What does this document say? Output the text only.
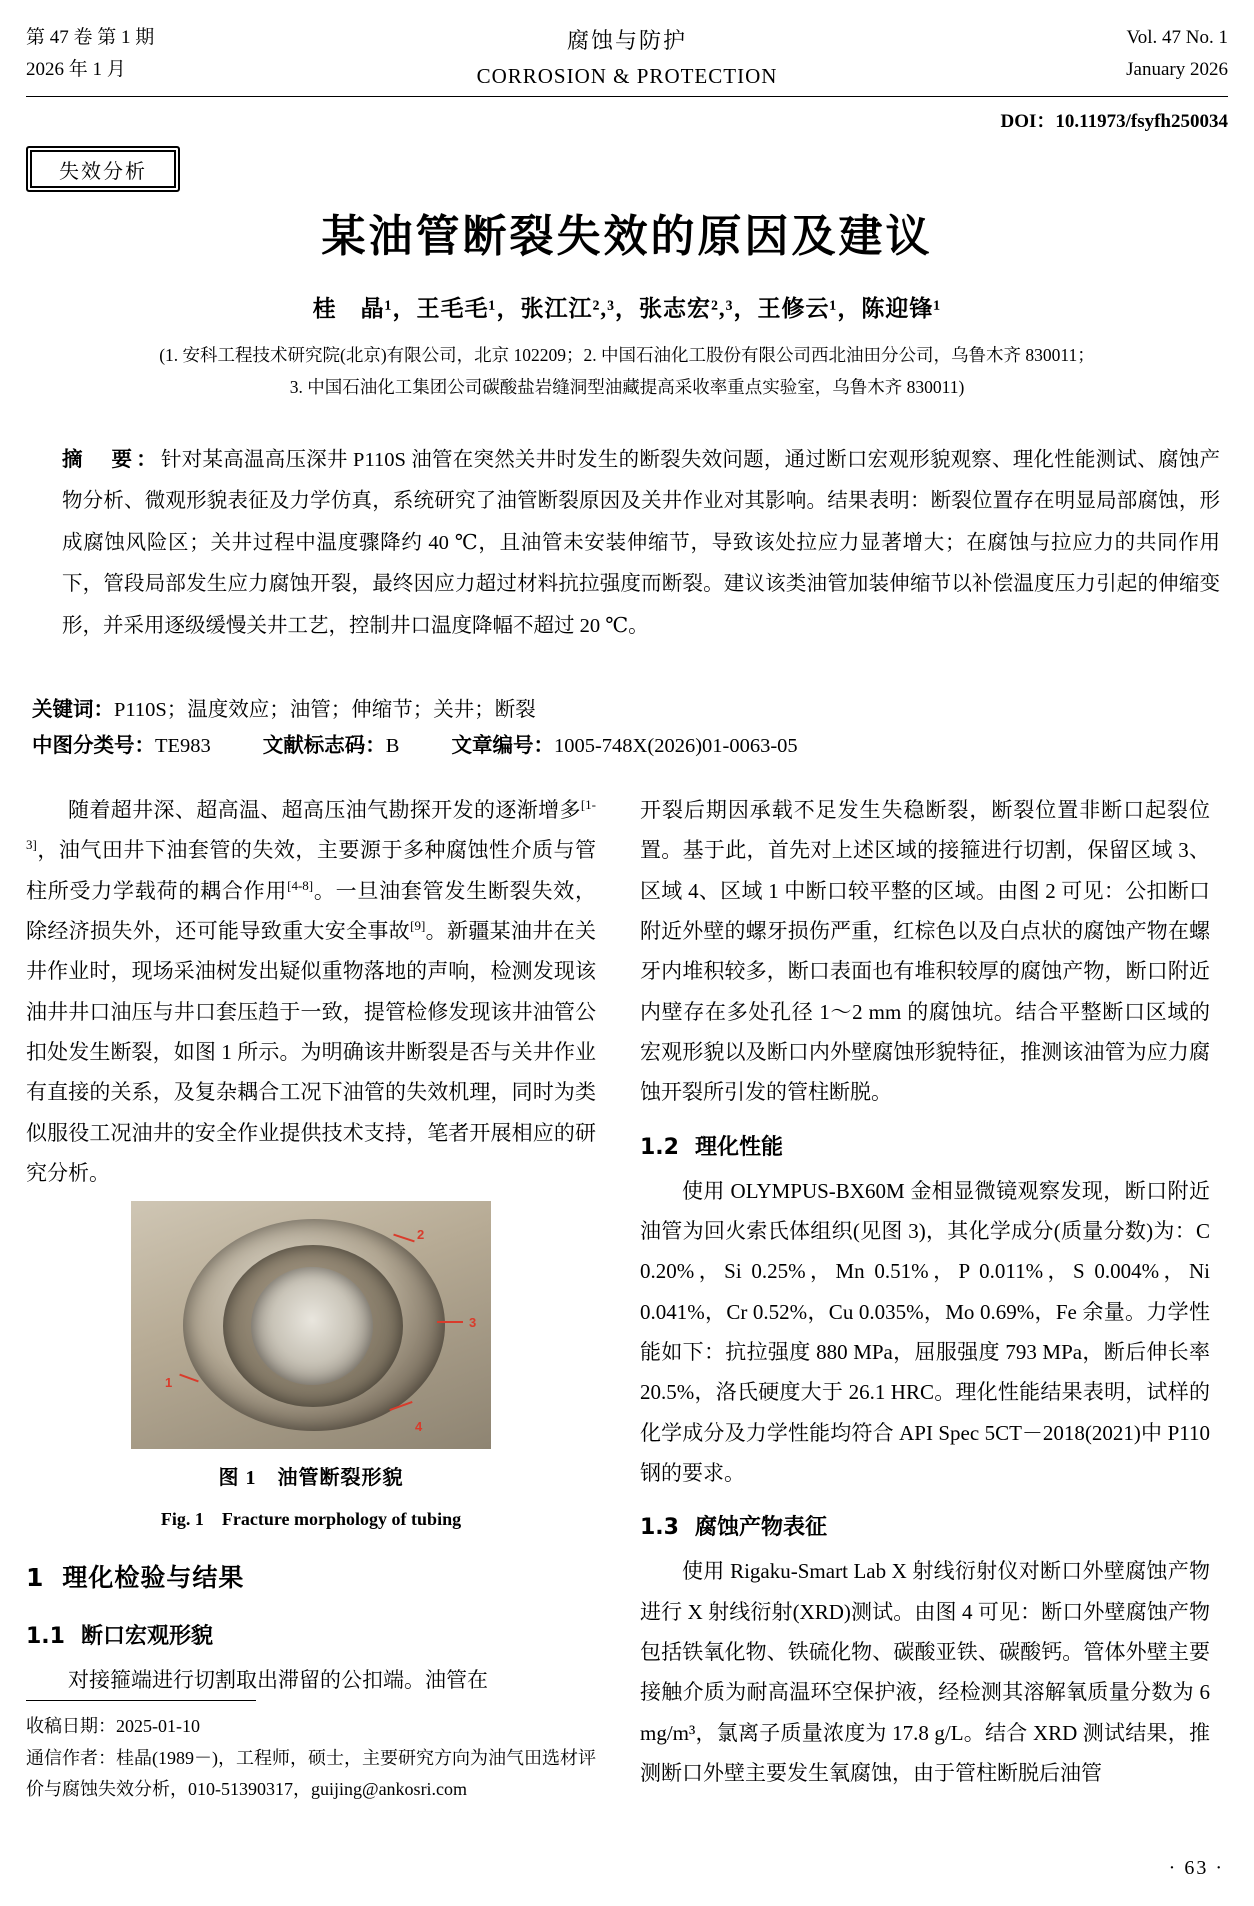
第 47 卷 第 1 期
2026 年 1 月
腐蚀与防护
CORROSION & PROTECTION
Vol. 47 No. 1
January 2026
DOI：10.11973/fsyfh250034
失效分析
某油管断裂失效的原因及建议
桂　晶¹，王毛毛¹，张江江²,³，张志宏²,³，王修云¹，陈迎锋¹
(1. 安科工程技术研究院(北京)有限公司，北京 102209；2. 中国石油化工股份有限公司西北油田分公司，乌鲁木齐 830011；
3. 中国石油化工集团公司碳酸盐岩缝洞型油藏提高采收率重点实验室，乌鲁木齐 830011)
摘　要：针对某高温高压深井 P110S 油管在突然关井时发生的断裂失效问题，通过断口宏观形貌观察、理化性能测试、腐蚀产物分析、微观形貌表征及力学仿真，系统研究了油管断裂原因及关井作业对其影响。结果表明：断裂位置存在明显局部腐蚀，形成腐蚀风险区；关井过程中温度骤降约 40 ℃，且油管未安装伸缩节，导致该处拉应力显著增大；在腐蚀与拉应力的共同作用下，管段局部发生应力腐蚀开裂，最终因应力超过材料抗拉强度而断裂。建议该类油管加装伸缩节以补偿温度压力引起的伸缩变形，并采用逐级缓慢关井工艺，控制井口温度降幅不超过 20 ℃。
关键词：P110S；温度效应；油管；伸缩节；关井；断裂
中图分类号：TE983	文献标志码：B	文章编号：1005-748X(2026)01-0063-05

随着超井深、超高温、超高压油气勘探开发的逐渐增多[1-3]，油气田井下油套管的失效，主要源于多种腐蚀性介质与管柱所受力学载荷的耦合作用[4-8]。一旦油套管发生断裂失效，除经济损失外，还可能导致重大安全事故[9]。新疆某油井在关井作业时，现场采油树发出疑似重物落地的声响，检测发现该油井井口油压与井口套压趋于一致，提管检修发现该井油管公扣处发生断裂，如图 1 所示。为明确该井断裂是否与关井作业有直接的关系，及复杂耦合工况下油管的失效机理，同时为类似服役工况油井的安全作业提供技术支持，笔者开展相应的研究分析。

2
3
4
1
图 1　油管断裂形貌
Fig. 1　Fracture morphology of tubing
1 理化检验与结果
1.1 断口宏观形貌

对接箍端进行切割取出滞留的公扣端。油管在

开裂后期因承载不足发生失稳断裂，断裂位置非断口起裂位置。基于此，首先对上述区域的接箍进行切割，保留区域 3、区域 4、区域 1 中断口较平整的区域。由图 2 可见：公扣断口附近外壁的螺牙损伤严重，红棕色以及白点状的腐蚀产物在螺牙内堆积较多，断口表面也有堆积较厚的腐蚀产物，断口附近内壁存在多处孔径 1～2 mm 的腐蚀坑。结合平整断口区域的宏观形貌以及断口内外壁腐蚀形貌特征，推测该油管为应力腐蚀开裂所引发的管柱断脱。

1.2 理化性能

使用 OLYMPUS-BX60M 金相显微镜观察发现，断口附近油管为回火索氏体组织(见图 3)，其化学成分(质量分数)为：C 0.20%，Si 0.25%，Mn 0.51%，P 0.011%，S 0.004%，Ni 0.041%，Cr 0.52%，Cu 0.035%，Mo 0.69%，Fe 余量。力学性能如下：抗拉强度 880 MPa，屈服强度 793 MPa，断后伸长率 20.5%，洛氏硬度大于 26.1 HRC。理化性能结果表明，试样的化学成分及力学性能均符合 API Spec 5CT－2018(2021)中 P110 钢的要求。

1.3 腐蚀产物表征

使用 Rigaku-Smart Lab X 射线衍射仪对断口外壁腐蚀产物进行 X 射线衍射(XRD)测试。由图 4 可见：断口外壁腐蚀产物包括铁氧化物、铁硫化物、碳酸亚铁、碳酸钙。管体外壁主要接触介质为耐高温环空保护液，经检测其溶解氧质量分数为 6 mg/m³，氯离子质量浓度为 17.8 g/L。结合 XRD 测试结果，推测断口外壁主要发生氧腐蚀，由于管柱断脱后油管

收稿日期：2025-01-10
通信作者：桂晶(1989－)，工程师，硕士，主要研究方向为油气田选材评价与腐蚀失效分析，010-51390317，guijing@ankosri.com
· 63 ·
